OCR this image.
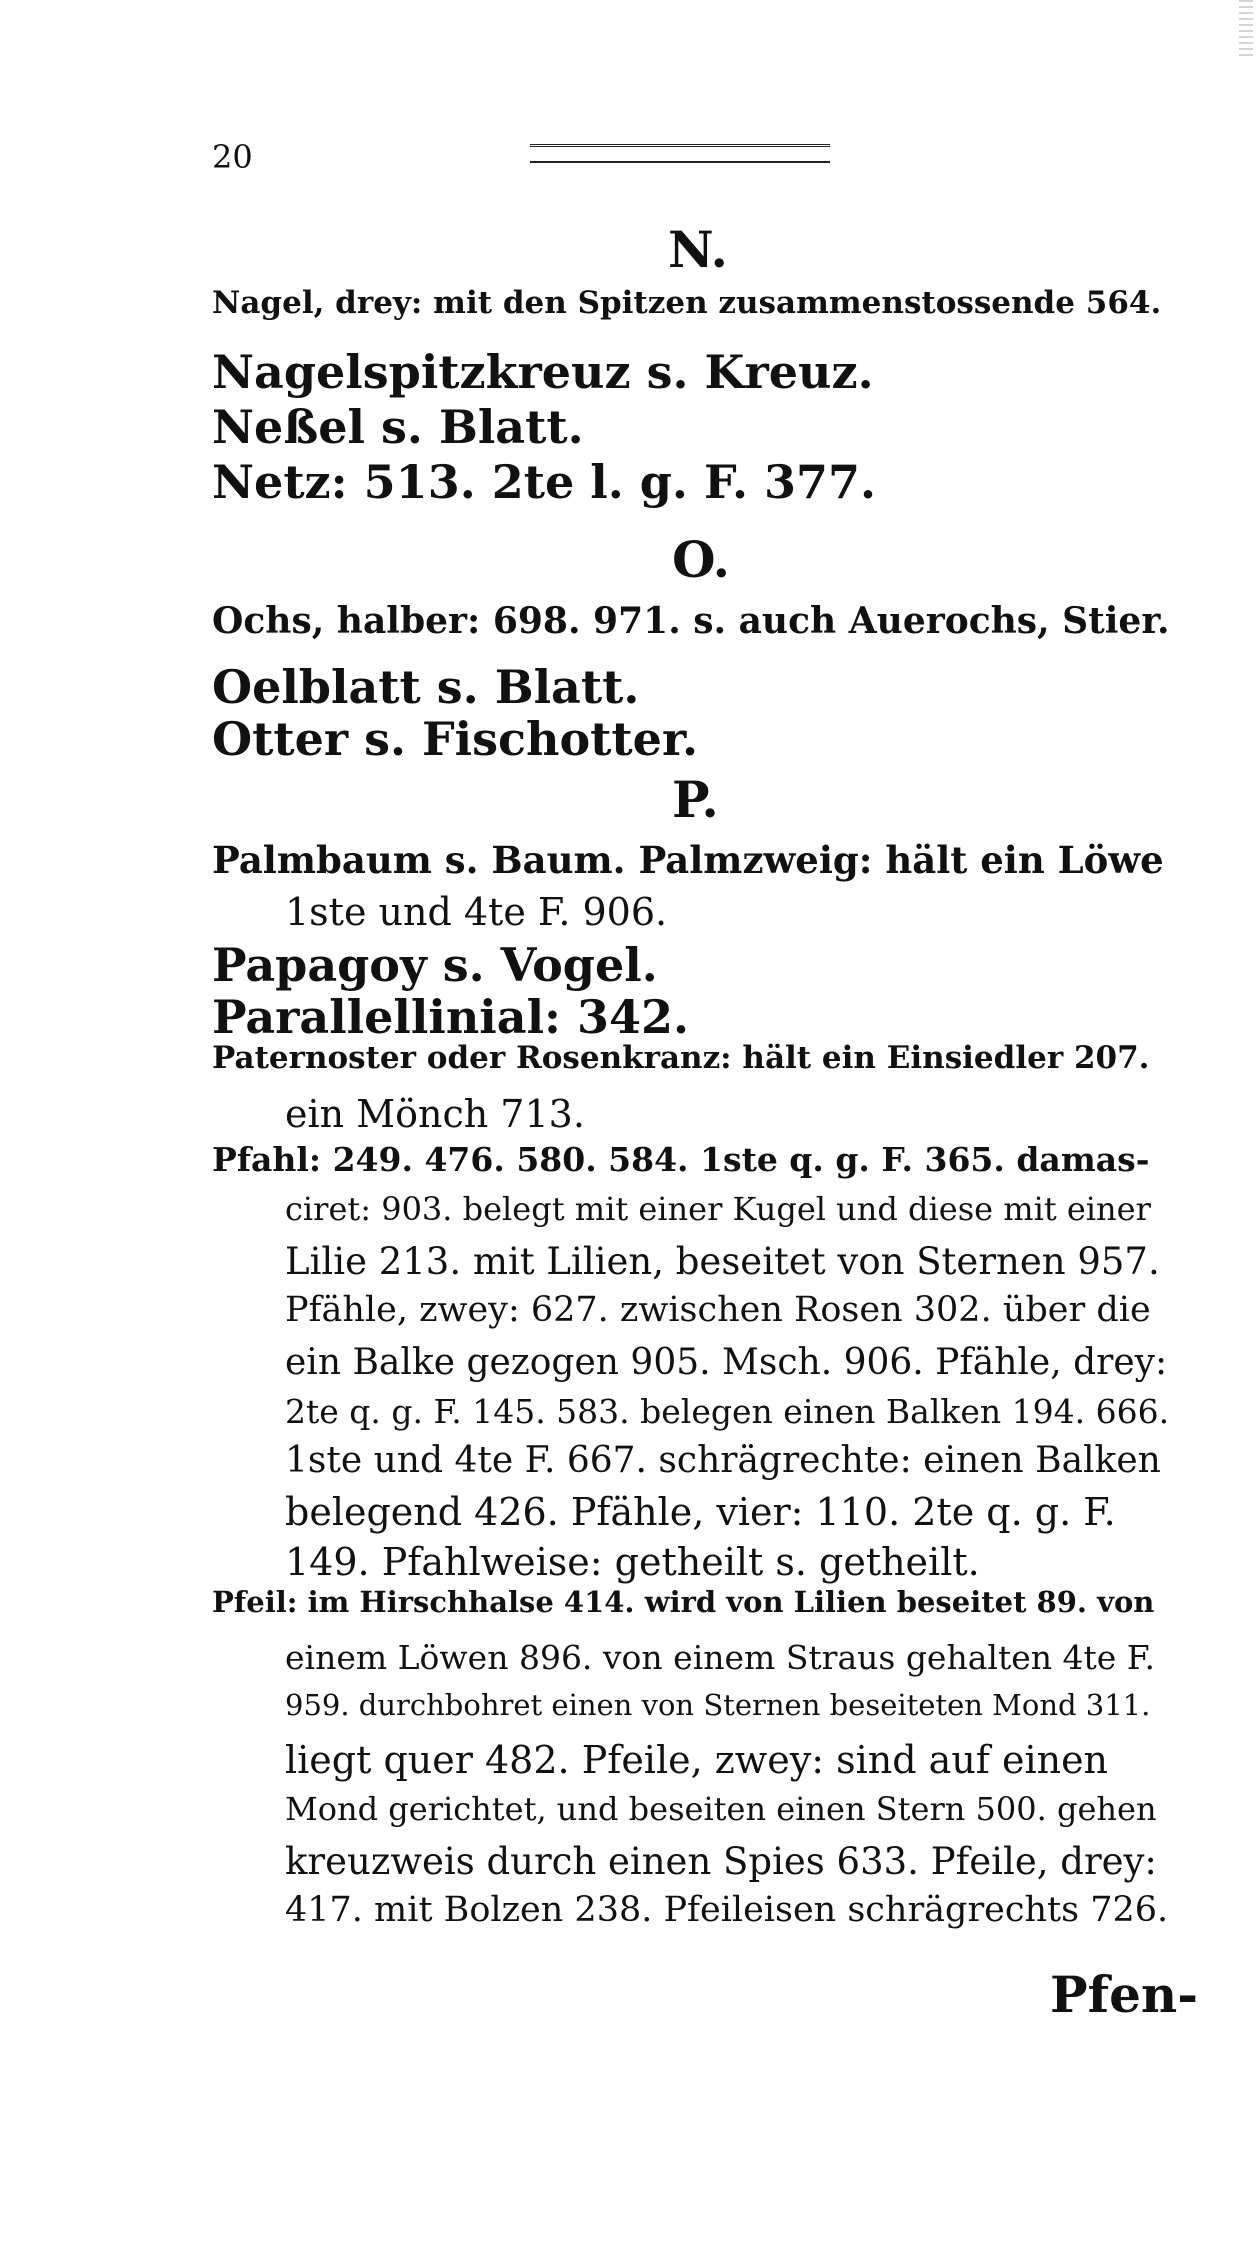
20
N.
Nagel, drey: mit den Spitzen zusammenstossende 564.
Nagelspitzkreuz s. Kreuz.
Neßel s. Blatt.
Netz: 513. 2te l. g. F. 377.
O.
Ochs, halber: 698. 971. s. auch Auerochs, Stier.
Oelblatt s. Blatt.
Otter s. Fischotter.
P.
Palmbaum s. Baum. Palmzweig: hält ein Löwe
1ste und 4te F. 906.
Papagoy s. Vogel.
Parallellinial: 342.
Paternoster oder Rosenkranz: hält ein Einsiedler 207.
ein Mönch 713.
Pfahl: 249. 476. 580. 584. 1ste q. g. F. 365. damas-
ciret: 903. belegt mit einer Kugel und diese mit einer
Lilie 213. mit Lilien, beseitet von Sternen 957.
Pfähle, zwey: 627. zwischen Rosen 302. über die
ein Balke gezogen 905. Msch. 906. Pfähle, drey:
2te q. g. F. 145. 583. belegen einen Balken 194. 666.
1ste und 4te F. 667. schrägrechte: einen Balken
belegend 426. Pfähle, vier: 110. 2te q. g. F.
149. Pfahlweise: getheilt s. getheilt.
Pfeil: im Hirschhalse 414. wird von Lilien beseitet 89. von
einem Löwen 896. von einem Straus gehalten 4te F.
959. durchbohret einen von Sternen beseiteten Mond 311.
liegt quer 482. Pfeile, zwey: sind auf einen
Mond gerichtet, und beseiten einen Stern 500. gehen
kreuzweis durch einen Spies 633. Pfeile, drey:
417. mit Bolzen 238. Pfeileisen schrägrechts 726.
Pfen-
